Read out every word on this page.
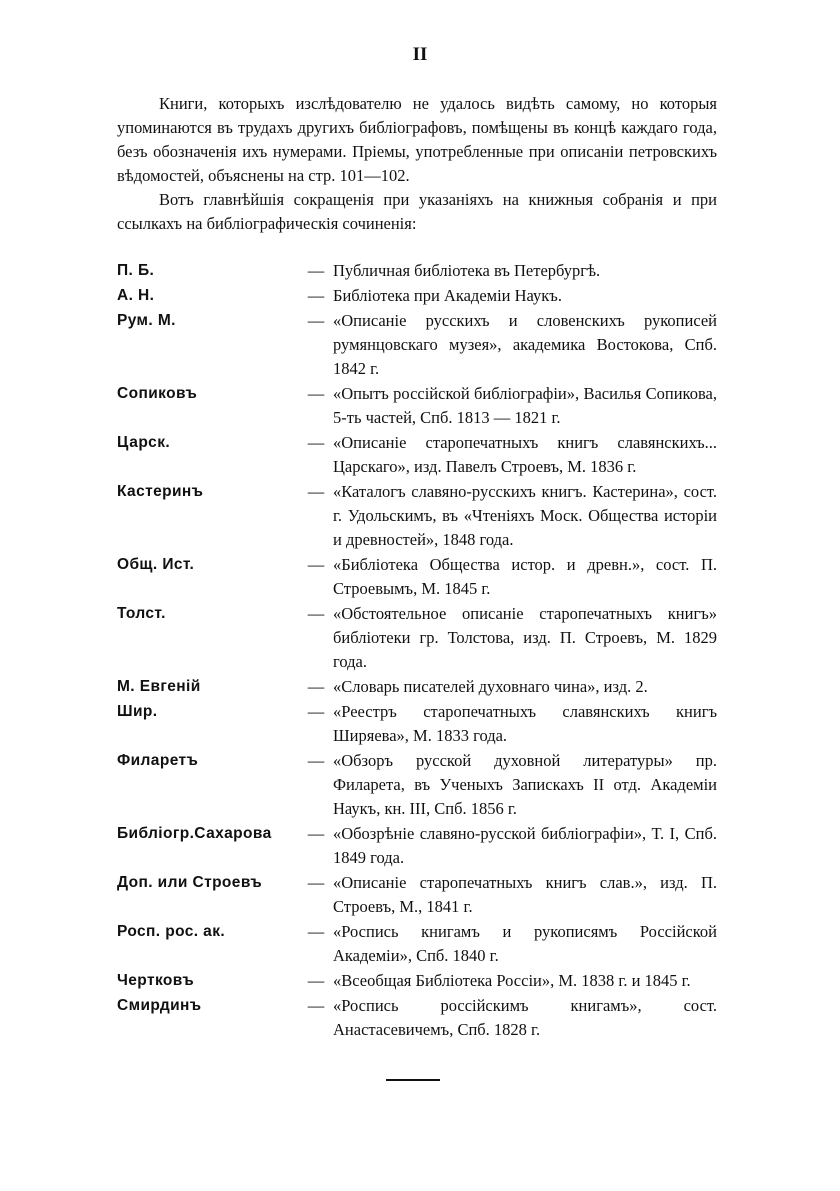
II

Книги, которыхъ изслѣдователю не удалось видѣть самому, но которыя упоминаются въ трудахъ другихъ библіографовъ, помѣщены въ концѣ каждаго года, безъ обозначенія ихъ нумерами. Пріемы, употребленные при описаніи петровскихъ вѣдомостей, объяснены на стр. 101—102.

Вотъ главнѣйшія сокращенія при указаніяхъ на книжныя собранія и при ссылкахъ на библіографическія сочиненія:

П. Б.	— Публичная библіотека въ Петербургѣ.
А. Н.	— Библіотека при Академіи Наукъ.
Рум. М.	— «Описаніе русскихъ и словенскихъ рукописей румянцовскаго музея», академика Востокова, Спб. 1842 г.
Сопиковъ	— «Опытъ россійской библіографіи», Василья Сопикова, 5-ть частей, Спб. 1813 — 1821 г.
Царск.	— «Описаніе старопечатныхъ книгъ славянскихъ... Царскаго», изд. Павелъ Строевъ, М. 1836 г.
Кастеринъ	— «Каталогъ славяно-русскихъ книгъ. Кастерина», сост. г. Удольскимъ, въ «Чтеніяхъ Моск. Общества исторіи и древностей», 1848 года.
Общ. Ист.	— «Библіотека Общества истор. и древн.», сост. П. Строевымъ, М. 1845 г.
Толст.	— «Обстоятельное описаніе старопечатныхъ книгъ» библіотеки гр. Толстова, изд. П. Строевъ, М. 1829 года.
М. Евгеній	— «Словарь писателей духовнаго чина», изд. 2.
Шир.	— «Реестръ старопечатныхъ славянскихъ книгъ Ширяева», М. 1833 года.
Филаретъ	— «Обзоръ русской духовной литературы» пр. Филарета, въ Ученыхъ Запискахъ II отд. Академіи Наукъ, кн. III, Спб. 1856 г.
Библіогр.Сахарова	— «Обозрѣніе славяно-русской библіографіи», Т. I, Спб. 1849 года.
Доп. или Строевъ	— «Описаніе старопечатныхъ книгъ слав.», изд. П. Строевъ, М., 1841 г.
Росп. рос. ак.	— «Роспись книгамъ и рукописямъ Россійской Академіи», Спб. 1840 г.
Чертковъ	— «Всеобщая Библіотека Россіи», М. 1838 г. и 1845 г.
Смирдинъ	— «Роспись россійскимъ книгамъ», сост. Анастасевичемъ, Спб. 1828 г.
